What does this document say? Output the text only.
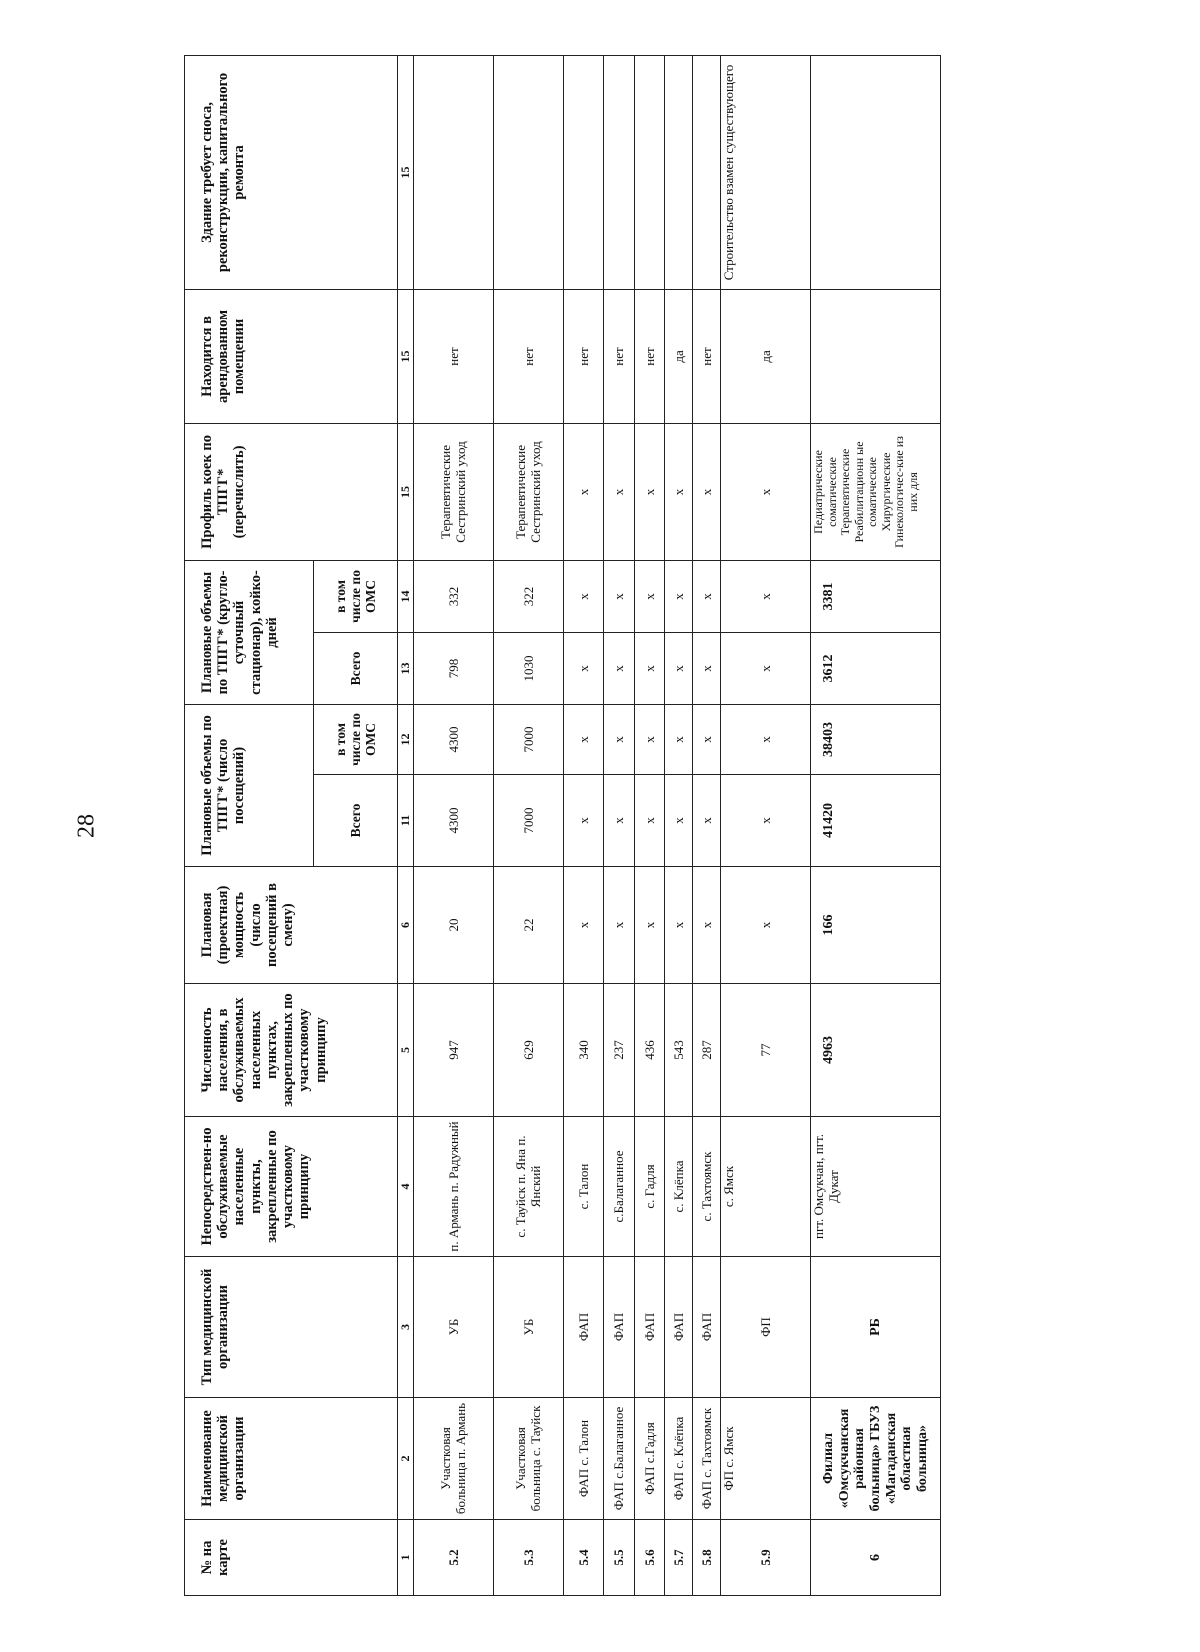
28
№ на карте	Наименование медицинской организации	Тип медицинской организации	Непосредствен-но обслуживаемые населенные пункты, закрепленные по участковому принципу	Численность населения, в обслуживаемых населенных пунктах, закрепленных по участковому принципу	Плановая (проектная) мощность (число посещений в смену)	Плановые объемы по ТПГГ* (число посещений)		Плановые объемы по ТПГГ* (кругло-суточный стационар), койко-дней		Профиль коек по ТПГГ* (перечислить)	Находится в арендованном помещении	Здание требует сноса, реконструкции, капитального ремонта
						Всего	в том числе по ОМС	Всего	в том числе по ОМС			
1	2	3	4	5	6	11	12	13	14	15	15	15
5.2	Участковая больница п. Армань	УБ	п. Армань п. Радужный	947	20	4300	4300	798	332	Терапевтические Сестринский уход	нет	
5.3	Участковая больница с. Тауйск	УБ	с. Тауйск п. Яна п. Янский	629	22	7000	7000	1030	322	Терапевтические Сестринский уход	нет	
5.4	ФАП с. Талон	ФАП	с. Талон	340	x	x	x	x	x	x	нет	
5.5	ФАП с.Балаганное	ФАП	с.Балаганное	237	x	x	x	x	x	x	нет	
5.6	ФАП с.Гадля	ФАП	с. Гадля	436	x	x	x	x	x	x	нет	
5.7	ФАП с. Клёпка	ФАП	с. Клёпка	543	x	x	x	x	x	x	да	
5.8	ФАП с. Тахтоямск	ФАП	с. Тахтоямск	287	x	x	x	x	x	x	нет	
5.9	ФП с. Ямск	ФП	с. Ямск	77	x	x	x	x	x	x	да	Строительство взамен существующего
6	Филиал «Омсукчанская районная больница» ГБУЗ «Магаданская областная больница»	РБ	пгт. Омсукчан, пгт. Дукат	4963	166	41420	38403	3612	3381	Педиатрические соматические Терапевтические Реабилитационн ые соматические Хирургические Гинекологичес-кие из них для		
